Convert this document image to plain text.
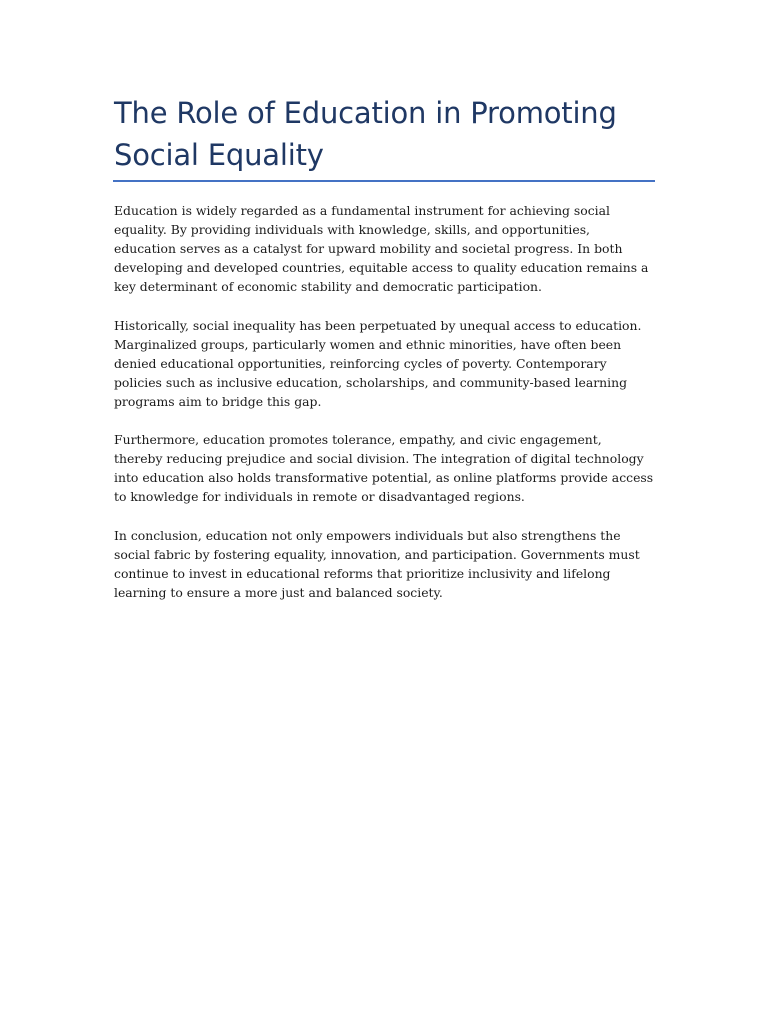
The Role of Education in Promoting Social Equality

Education is widely regarded as a fundamental instrument for achieving social equality. By providing individuals with knowledge, skills, and opportunities, education serves as a catalyst for upward mobility and societal progress. In both developing and developed countries, equitable access to quality education remains a key determinant of economic stability and democratic participation.

Historically, social inequality has been perpetuated by unequal access to education. Marginalized groups, particularly women and ethnic minorities, have often been denied educational opportunities, reinforcing cycles of poverty. Contemporary policies such as inclusive education, scholarships, and community-based learning programs aim to bridge this gap.

Furthermore, education promotes tolerance, empathy, and civic engagement, thereby reducing prejudice and social division. The integration of digital technology into education also holds transformative potential, as online platforms provide access to knowledge for individuals in remote or disadvantaged regions.

In conclusion, education not only empowers individuals but also strengthens the social fabric by fostering equality, innovation, and participation. Governments must continue to invest in educational reforms that prioritize inclusivity and lifelong learning to ensure a more just and balanced society.
